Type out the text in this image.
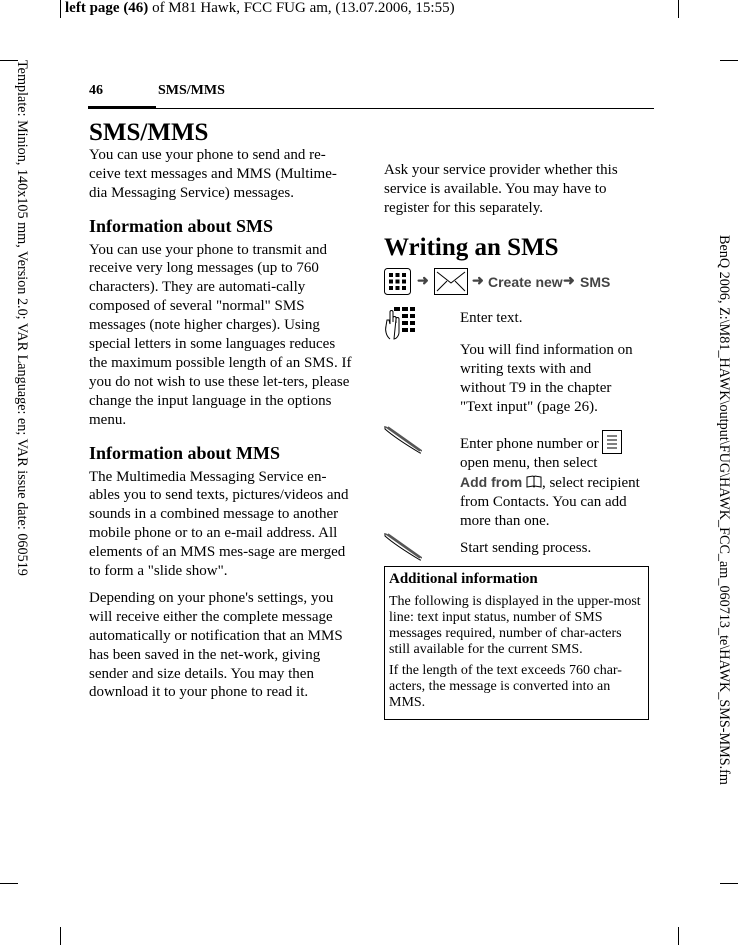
left page (46) of M81 Hawk, FCC FUG am, (13.07.2006, 15:55)
Template: Minion, 140x105 mm, Version 2.0; VAR Language: en; VAR issue date: 060519	BenQ 2006, Z:\M81_HAWK\output\FUG\HAWK_FCC_am_060713_te\HAWK_SMS-MMS.fm
46	SMS/MMS
SMS/MMS

You can use your phone to send and re-ceive text messages and MMS (Multime-dia Messaging Service) messages.

Information about SMS

You can use your phone to transmit and receive very long messages (up to 760 characters). They are automati-cally composed of several "normal" SMS messages (note higher charges). Using special letters in some languages reduces the maximum possible length of an SMS. If you do not wish to use these let-ters, please change the input language in the options menu.

Information about MMS

The Multimedia Messaging Service en-ables you to send texts, pictures/videos and sounds in a combined message to another mobile phone or to an e-mail address. All elements of an MMS mes-sage are merged to form a "slide show".

Depending on your phone's settings, you will receive either the complete message automatically or notification that an MMS has been saved in the net-work, giving sender and size details. You may then download it to your phone to read it.

Ask your service provider whether this service is available. You may have to register for this separately.
Writing an SMS
➜	➜ Create new ➜ SMS
Enter text.
You will find information on writing texts with and without T9 in the chapter "Text input" (page 26).
Enter phone number or
open menu, then select
Add from , select recipient from Contacts. You can add more than one.
Start sending process.
Additional information

The following is displayed in the upper-most line: text input status, number of SMS messages required, number of char-acters still available for the current SMS.

If the length of the text exceeds 760 char-acters, the message is converted into an MMS.
